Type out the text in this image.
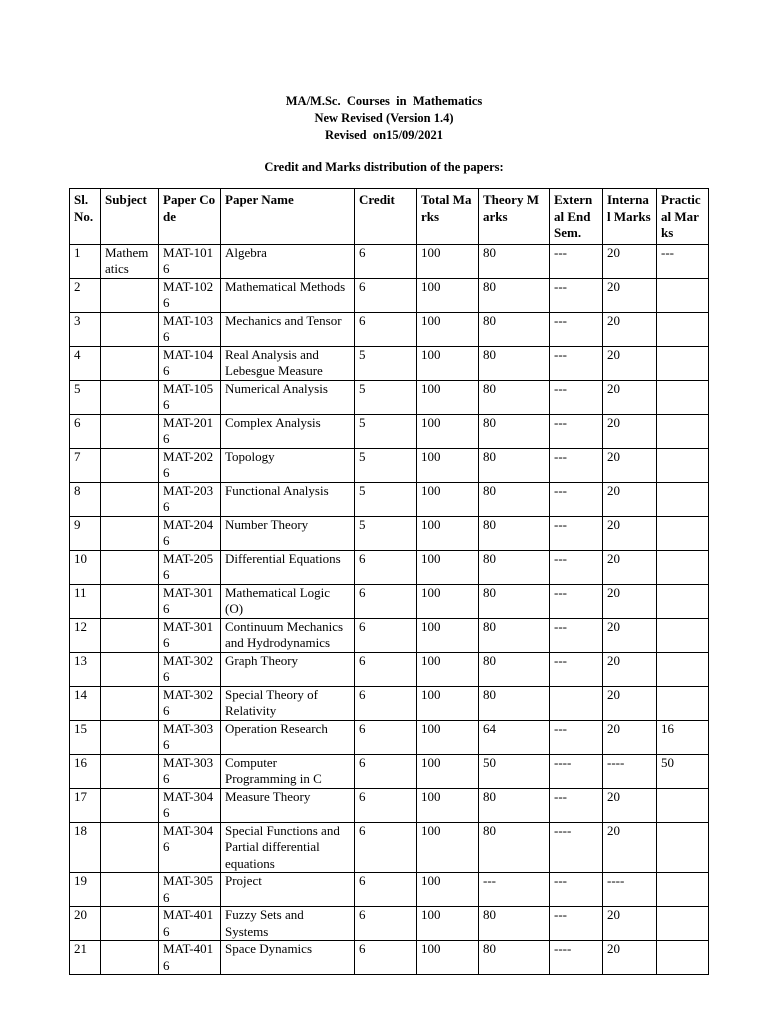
MA/M.Sc.  Courses  in  Mathematics
New Revised (Version 1.4)
Revised  on15/09/2021
Credit and Marks distribution of the papers:
Sl. No.	Subject	Paper Code	Paper Name	Credit	Total Marks	Theory Marks	External End Sem.	Internal Marks	Practical Marks
1	Mathematics	MAT-1016	Algebra	6	100	80	---	20	---
2		MAT-1026	Mathematical Methods	6	100	80	---	20	
3		MAT-1036	Mechanics and Tensor	6	100	80	---	20	
4		MAT-1046	Real Analysis and Lebesgue Measure	5	100	80	---	20	
5		MAT-1056	Numerical Analysis	5	100	80	---	20	
6		MAT-2016	Complex Analysis	5	100	80	---	20	
7		MAT-2026	Topology	5	100	80	---	20	
8		MAT-2036	Functional Analysis	5	100	80	---	20	
9		MAT-2046	Number Theory	5	100	80	---	20	
10		MAT-2056	Differential Equations	6	100	80	---	20	
11		MAT-3016	Mathematical Logic (O)	6	100	80	---	20	
12		MAT-3016	Continuum Mechanics and Hydrodynamics	6	100	80	---	20	
13		MAT-3026	Graph Theory	6	100	80	---	20	
14		MAT-3026	Special Theory of Relativity	6	100	80		20	
15		MAT-3036	Operation Research	6	100	64	---	20	16
16		MAT-3036	Computer Programming in C	6	100	50	----	----	50
17		MAT-3046	Measure Theory	6	100	80	---	20	
18		MAT-3046	Special Functions and Partial differential equations	6	100	80	----	20	
19		MAT-3056	Project	6	100	---	---	----	
20		MAT-4016	Fuzzy Sets and Systems	6	100	80	---	20	
21		MAT-4016	Space Dynamics	6	100	80	----	20	
